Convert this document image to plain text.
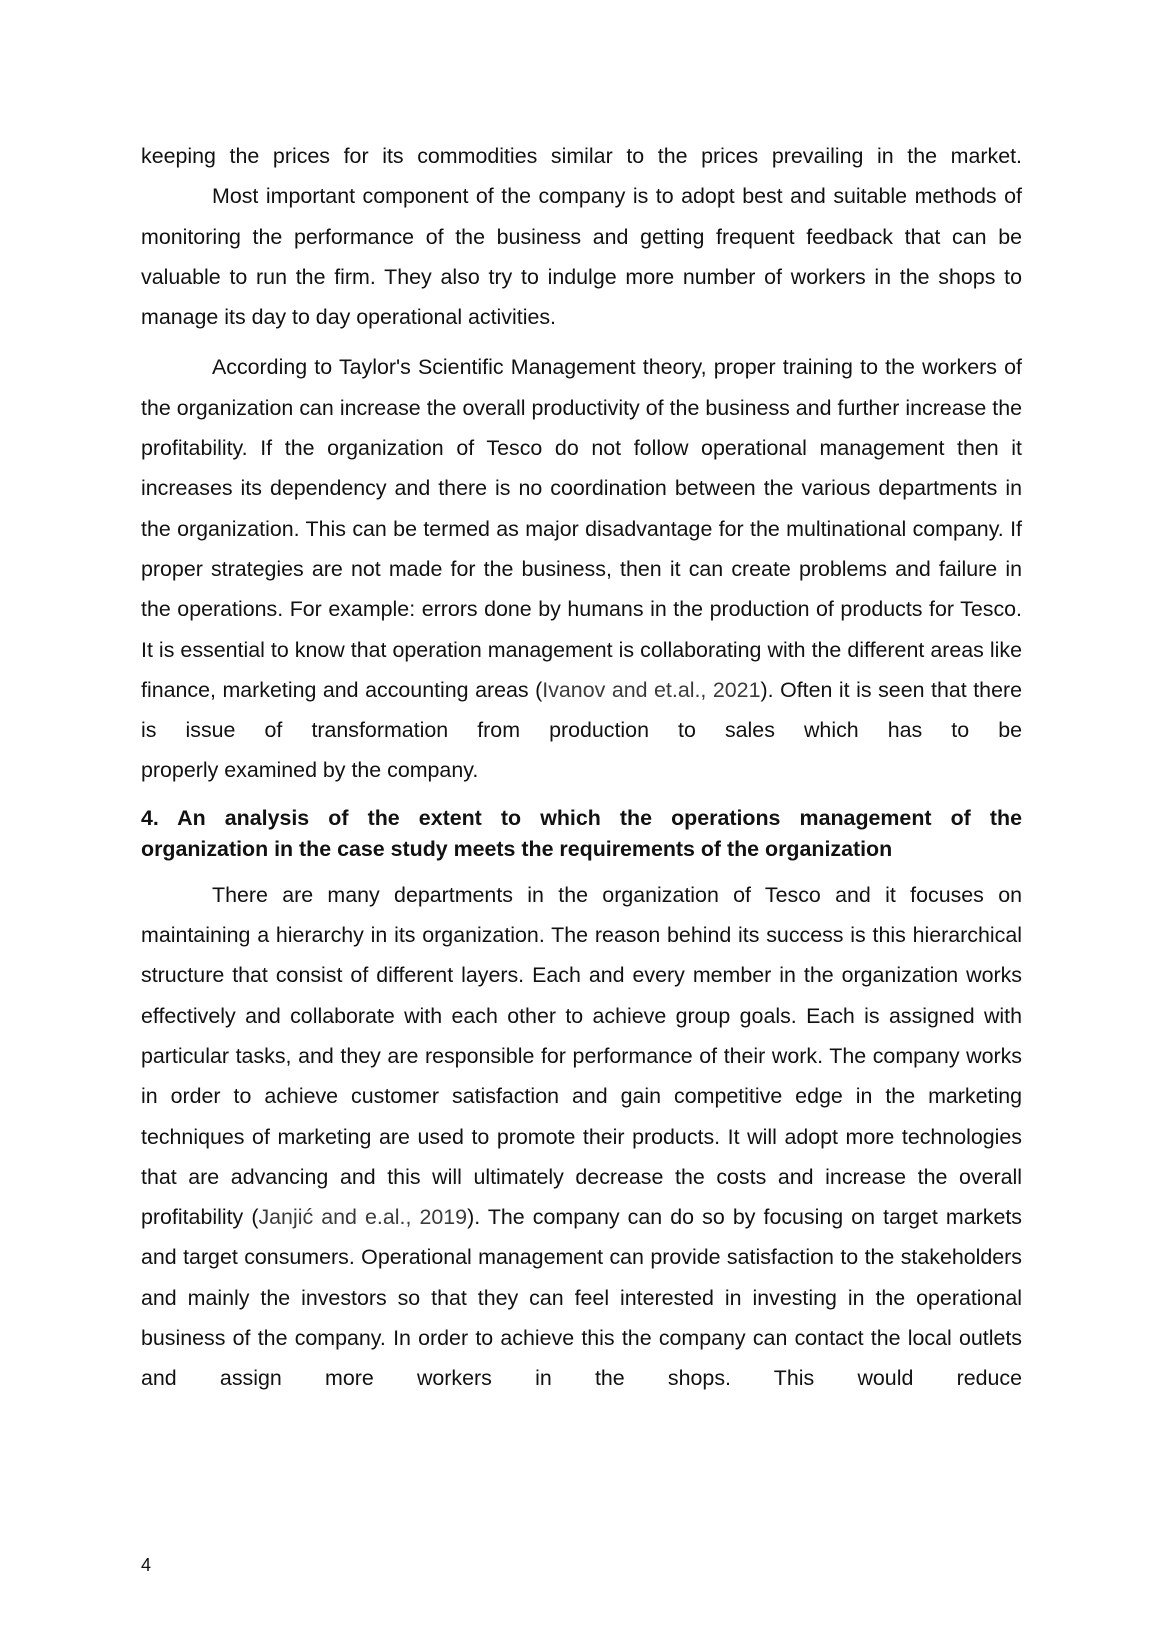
keeping the prices for its commodities similar to the prices prevailing in the market.

Most important component of the company is to adopt best and suitable methods of monitoring the performance of the business and getting frequent feedback that can be valuable to run the firm. They also try to indulge more number of workers in the shops to manage its day to day operational activities.

According to Taylor's Scientific Management theory, proper training to the workers of the organization can increase the overall productivity of the business and further increase the profitability. If the organization of Tesco do not follow operational management then it increases its dependency and there is no coordination between the various departments in the organization. This can be termed as major disadvantage for the multinational company. If proper strategies are not made for the business, then it can create problems and failure in the operations. For example: errors done by humans in the production of products for Tesco. It is essential to know that operation management is collaborating with the different areas like finance, marketing and accounting areas (Ivanov and et.al., 2021). Often it is seen that there is issue of transformation from production to sales which has to be

properly examined by the company.

4. An analysis of the extent to which the operations management of the
organization in the case study meets the requirements of the organization

There are many departments in the organization of Tesco and it focuses on maintaining a hierarchy in its organization. The reason behind its success is this hierarchical structure that consist of different layers. Each and every member in the organization works effectively and collaborate with each other to achieve group goals. Each is assigned with particular tasks, and they are responsible for performance of their work. The company works in order to achieve customer satisfaction and gain competitive edge in the marketing techniques of marketing are used to promote their products. It will adopt more technologies that are advancing and this will ultimately decrease the costs and increase the overall profitability (Janjić and e.al., 2019). The company can do so by focusing on target markets and target consumers. Operational management can provide satisfaction to the stakeholders and mainly the investors so that they can feel interested in investing in the operational business of the company. In order to achieve this the company can contact the local outlets and assign more workers in the shops. This would reduce

4
